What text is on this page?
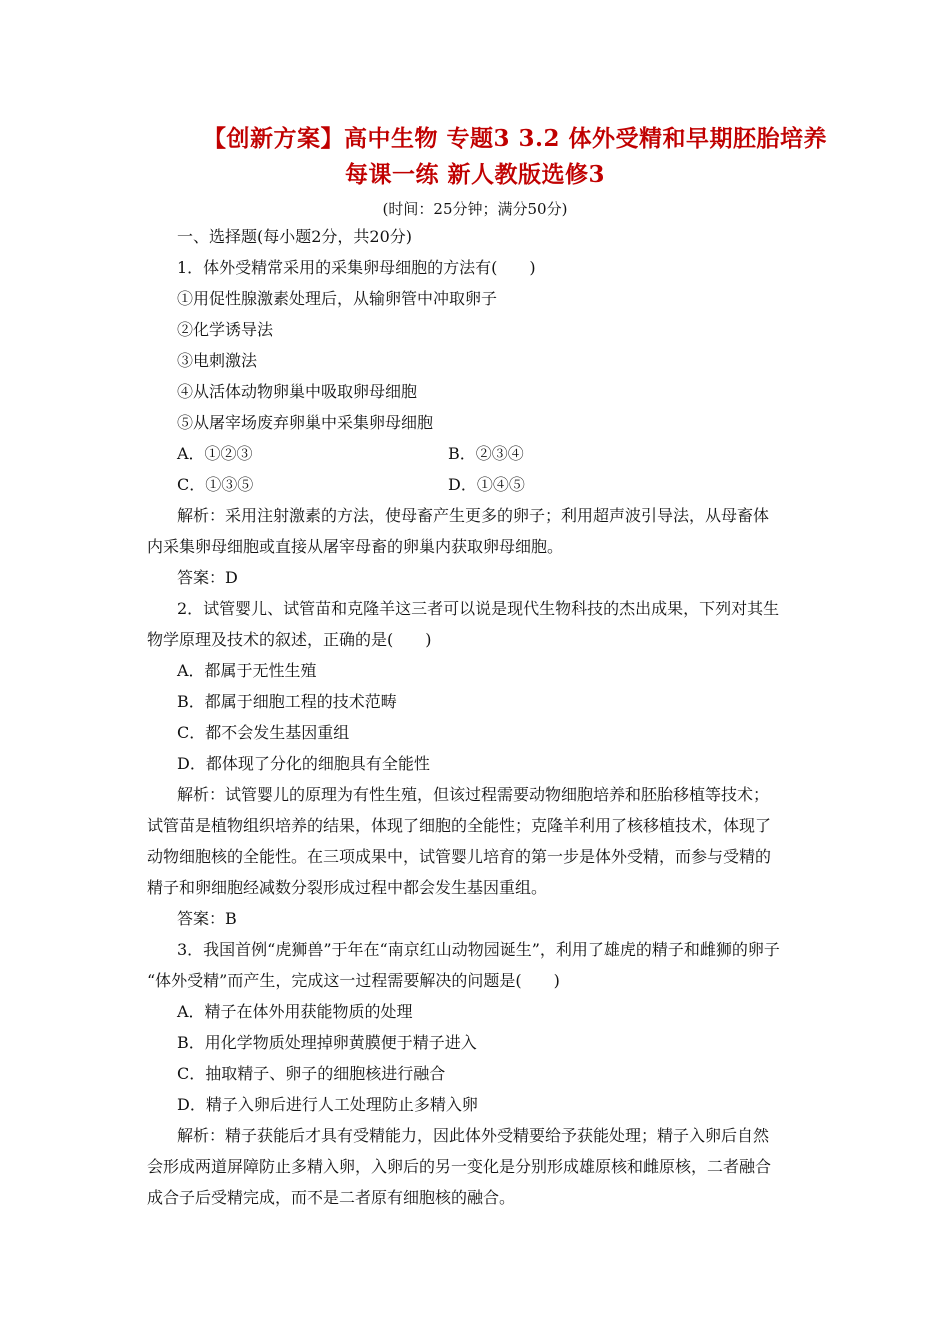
【创新方案】高中生物 专题3 3.2 体外受精和早期胚胎培养
每课一练 新人教版选修3
(时间：25分钟；满分50分)
一、选择题(每小题2分，共20分)
1．体外受精常采用的采集卵母细胞的方法有(　　)
①用促性腺激素处理后，从输卵管中冲取卵子
②化学诱导法
③电刺激法
④从活体动物卵巢中吸取卵母细胞
⑤从屠宰场废弃卵巢中采集卵母细胞
A．①②③	B．②③④
C．①③⑤	D．①④⑤
解析：采用注射激素的方法，使母畜产生更多的卵子；利用超声波引导法，从母畜体
内采集卵母细胞或直接从屠宰母畜的卵巢内获取卵母细胞。
答案：D
2．试管婴儿、试管苗和克隆羊这三者可以说是现代生物科技的杰出成果，下列对其生
物学原理及技术的叙述，正确的是(　　)
A．都属于无性生殖
B．都属于细胞工程的技术范畴
C．都不会发生基因重组
D．都体现了分化的细胞具有全能性
解析：试管婴儿的原理为有性生殖，但该过程需要动物细胞培养和胚胎移植等技术；
试管苗是植物组织培养的结果，体现了细胞的全能性；克隆羊利用了核移植技术，体现了
动物细胞核的全能性。在三项成果中，试管婴儿培育的第一步是体外受精，而参与受精的
精子和卵细胞经减数分裂形成过程中都会发生基因重组。
答案：B
3．我国首例“虎狮兽”于年在“南京红山动物园诞生”，利用了雄虎的精子和雌狮的卵子
“体外受精”而产生，完成这一过程需要解决的问题是(　　)
A．精子在体外用获能物质的处理
B．用化学物质处理掉卵黄膜便于精子进入
C．抽取精子、卵子的细胞核进行融合
D．精子入卵后进行人工处理防止多精入卵
解析：精子获能后才具有受精能力，因此体外受精要给予获能处理；精子入卵后自然
会形成两道屏障防止多精入卵，入卵后的另一变化是分别形成雄原核和雌原核，二者融合
成合子后受精完成，而不是二者原有细胞核的融合。
